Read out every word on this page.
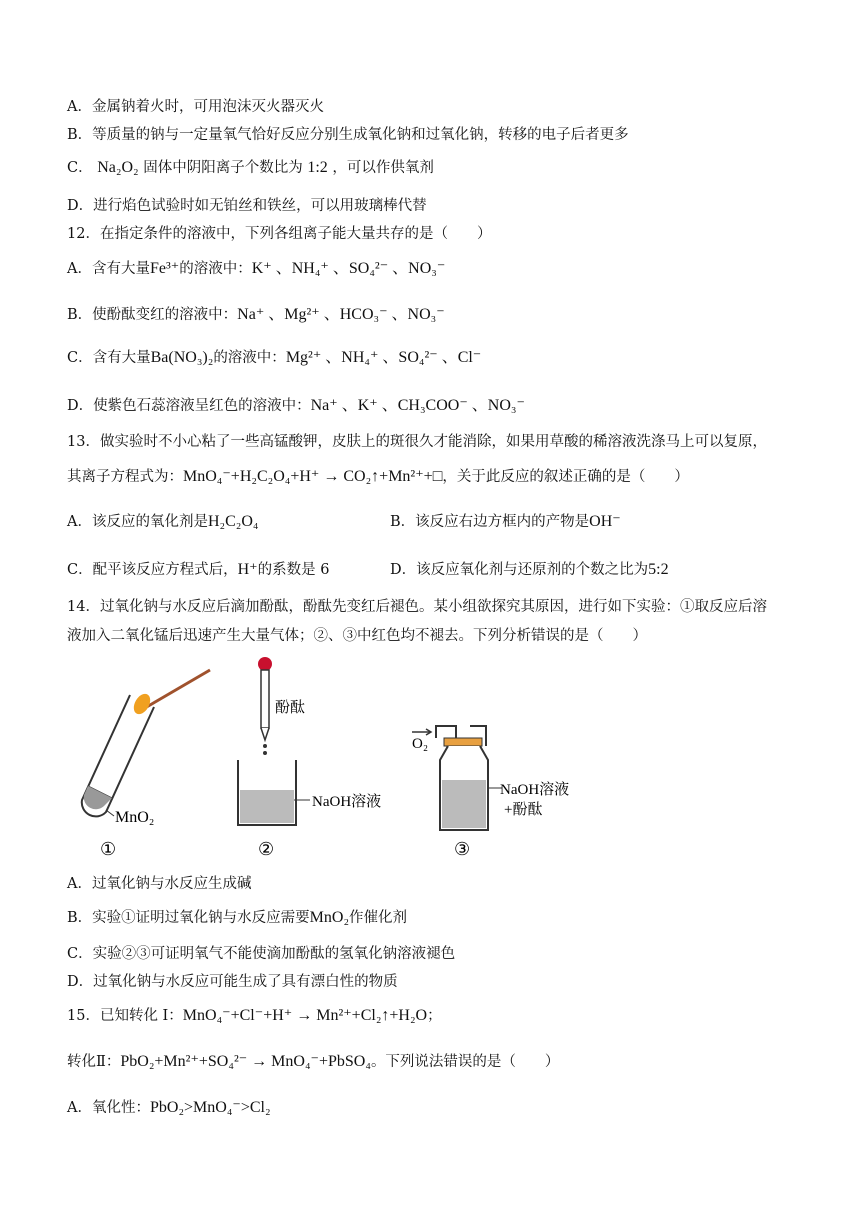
A．金属钠着火时，可用泡沫灭火器灭火
B．等质量的钠与一定量氧气恰好反应分别生成氧化钠和过氧化钠，转移的电子后者更多
C． Na₂O₂ 固体中阴阳离子个数比为 1:2 ，可以作供氧剂
D．进行焰色试验时如无铂丝和铁丝，可以用玻璃棒代替
12．在指定条件的溶液中，下列各组离子能大量共存的是（　　）
A．含有大量Fe³⁺的溶液中：K⁺ 、NH₄⁺ 、SO₄²⁻ 、NO₃⁻
B．使酚酞变红的溶液中：Na⁺ 、Mg²⁺ 、HCO₃⁻ 、NO₃⁻
C．含有大量Ba(NO₃)₂的溶液中：Mg²⁺ 、NH₄⁺ 、SO₄²⁻ 、Cl⁻
D．使紫色石蕊溶液呈红色的溶液中：Na⁺ 、K⁺ 、CH₃COO⁻ 、NO₃⁻
13．做实验时不小心粘了一些高锰酸钾，皮肤上的斑很久才能消除，如果用草酸的稀溶液洗涤马上可以复原，
其离子方程式为：MnO₄⁻+H₂C₂O₄+H⁺ → CO₂↑+Mn²⁺+□，关于此反应的叙述正确的是（　　）
A．该反应的氧化剂是H₂C₂O₄	B．该反应右边方框内的产物是OH⁻
C．配平该反应方程式后，H⁺的系数是 6	D．该反应氧化剂与还原剂的个数之比为5:2
14．过氧化钠与水反应后滴加酚酞，酚酞先变红后褪色。某小组欲探究其原因，进行如下实验：①取反应后溶
液加入二氧化锰后迅速产生大量气体；②、③中红色均不褪去。下列分析错误的是（　　）
MnO₂
①
酚酞
NaOH溶液
②
O₂
NaOH溶液
+酚酞
③
A．过氧化钠与水反应生成碱
B．实验①证明过氧化钠与水反应需要MnO₂作催化剂
C．实验②③可证明氧气不能使滴加酚酞的氢氧化钠溶液褪色
D．过氧化钠与水反应可能生成了具有漂白性的物质
15．已知转化 I：MnO₄⁻+Cl⁻+H⁺ → Mn²⁺+Cl₂↑+H₂O；
转化Ⅱ：PbO₂+Mn²⁺+SO₄²⁻ → MnO₄⁻+PbSO₄。下列说法错误的是（　　）
A．氧化性：PbO₂>MnO₄⁻>Cl₂
